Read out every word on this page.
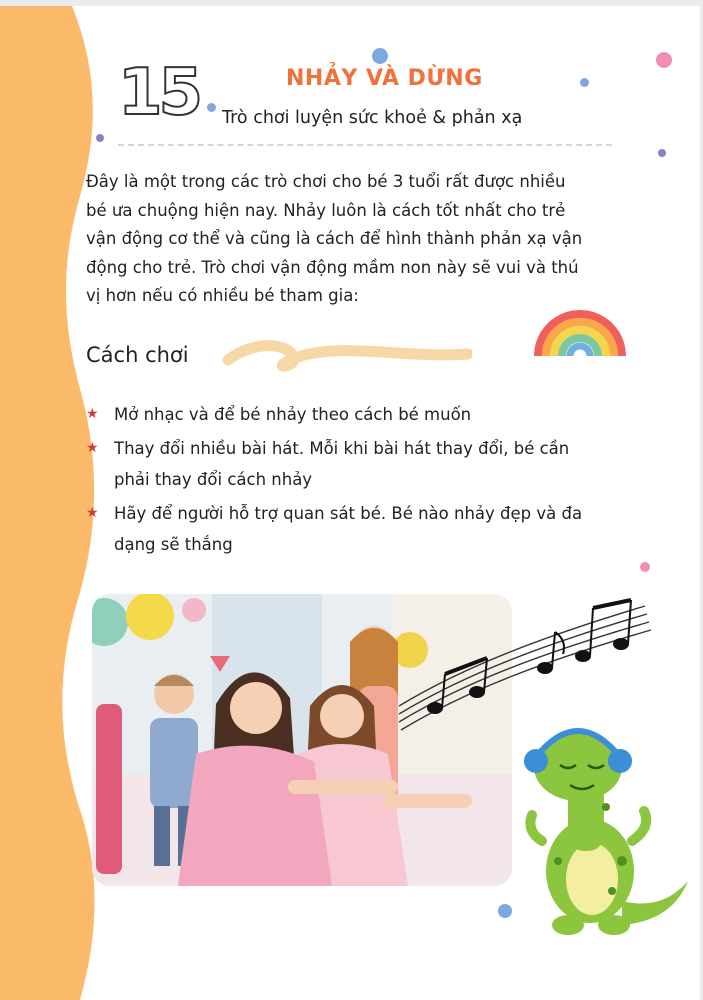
15	NHẢY VÀ DỪNG
Trò chơi luyện sức khoẻ & phản xạ

Đây là một trong các trò chơi cho bé 3 tuổi rất được nhiều
bé ưa chuộng hiện nay. Nhảy luôn là cách tốt nhất cho trẻ
vận động cơ thể và cũng là cách để hình thành phản xạ vận
động cho trẻ. Trò chơi vận động mầm non này sẽ vui và thú
vị hơn nếu có nhiều bé tham gia:

Cách chơi
★ Mở nhạc và để bé nhảy theo cách bé muốn
★ Thay đổi nhiều bài hát. Mỗi khi bài hát thay đổi, bé cần
phải thay đổi cách nhảy
★ Hãy để người hỗ trợ quan sát bé. Bé nào nhảy đẹp và đa
dạng sẽ thắng
